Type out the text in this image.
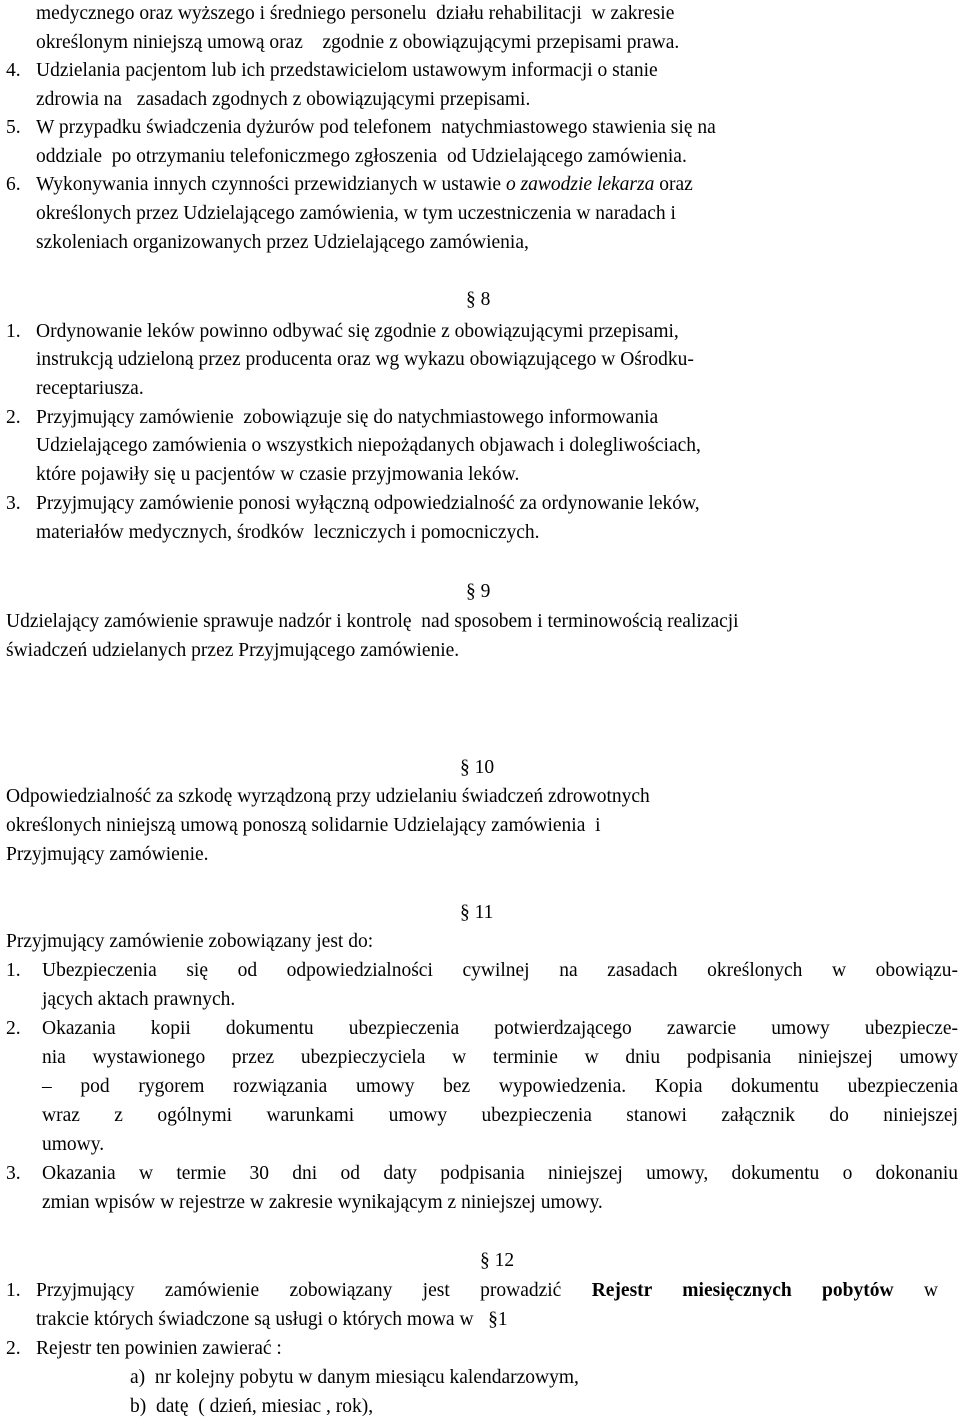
medycznego oraz wyższego i średniego personelu  działu rehabilitacji  w zakresie
określonym niniejszą umową oraz    zgodnie z obowiązującymi przepisami prawa.
4. Udzielania pacjentom lub ich przedstawicielom ustawowym informacji o stanie
zdrowia na   zasadach zgodnych z obowiązującymi przepisami.
5. W przypadku świadczenia dyżurów pod telefonem  natychmiastowego stawienia się na
oddziale  po otrzymaniu telefoniczmego zgłoszenia  od Udzielającego zamówienia.
6. Wykonywania innych czynności przewidzianych w ustawie o zawodzie lekarza oraz
określonych przez Udzielającego zamówienia, w tym uczestniczenia w naradach i
szkoleniach organizowanych przez Udzielającego zamówienia,
§ 8
1. Ordynowanie leków powinno odbywać się zgodnie z obowiązującymi przepisami,
instrukcją udzieloną przez producenta oraz wg wykazu obowiązującego w Ośrodku-
receptariusza.
2. Przyjmujący zamówienie  zobowiązuje się do natychmiastowego informowania
Udzielającego zamówienia o wszystkich niepożądanych objawach i dolegliwościach,
które pojawiły się u pacjentów w czasie przyjmowania leków.
3. Przyjmujący zamówienie ponosi wyłączną odpowiedzialność za ordynowanie leków,
materiałów medycznych, środków  leczniczych i pomocniczych.
§ 9
Udzielający zamówienie sprawuje nadzór i kontrolę  nad sposobem i terminowością realizacji
świadczeń udzielanych przez Przyjmującego zamówienie.
§ 10
Odpowiedzialność za szkodę wyrządzoną przy udzielaniu świadczeń zdrowotnych
określonych niniejszą umową ponoszą solidarnie Udzielający zamówienia  i
Przyjmujący zamówienie.
§ 11
Przyjmujący zamówienie zobowiązany jest do:
1. Ubezpieczenia się od odpowiedzialności cywilnej na zasadach określonych w obowiązu-
jących aktach prawnych.
2. Okazania kopii dokumentu ubezpieczenia potwierdzającego zawarcie umowy ubezpiecze-
nia wystawionego przez ubezpieczyciela w terminie w dniu podpisania niniejszej umowy
– pod rygorem rozwiązania umowy bez wypowiedzenia. Kopia dokumentu ubezpieczenia
wraz z ogólnymi warunkami umowy ubezpieczenia stanowi załącznik do niniejszej
umowy.
3. Okazania w termie 30 dni od daty podpisania niniejszej umowy, dokumentu o dokonaniu
zmian wpisów w rejestrze w zakresie wynikającym z niniejszej umowy.
§ 12
1. Przyjmujący zamówienie zobowiązany jest prowadzić Rejestr miesięcznych pobytów w
trakcie których świadczone są usługi o których mowa w   §1
2. Rejestr ten powinien zawierać :
a)  nr kolejny pobytu w danym miesiącu kalendarzowym,
b)  datę  ( dzień, miesiac , rok),
